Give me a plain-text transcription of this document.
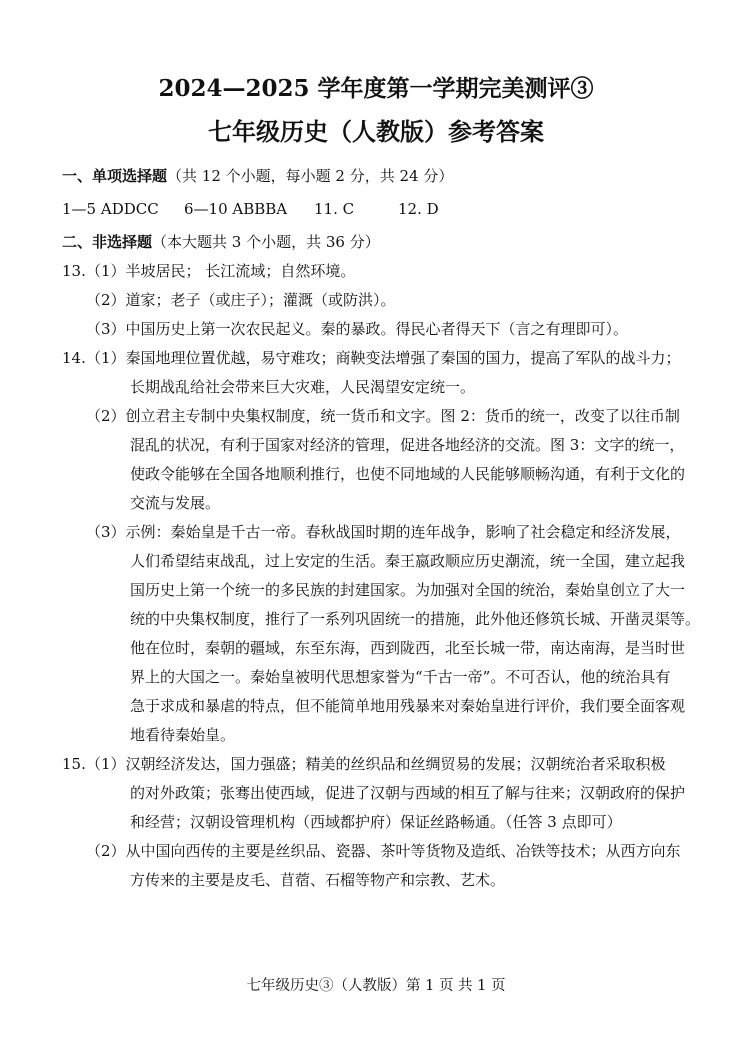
2024—2025 学年度第一学期完美测评③
七年级历史（人教版）参考答案
一、单项选择题（共 12 个小题，每小题 2 分，共 24 分）
1—5 ADDCC 6—10 ABBBA 11. C	12. D
二、非选择题（本大题共 3 个小题，共 36 分）
13. （1）半坡居民； 长江流域；自然环境。
（2）道家；老子（或庄子）；灌溉（或防洪）。
（3）中国历史上第一次农民起义。秦的暴政。得民心者得天下（言之有理即可）。
14. （1）秦国地理位置优越，易守难攻；商鞅变法增强了秦国的国力，提高了军队的战斗力；
长期战乱给社会带来巨大灾难，人民渴望安定统一。
（2）创立君主专制中央集权制度，统一货币和文字。图 2：货币的统一，改变了以往币制
混乱的状况，有利于国家对经济的管理，促进各地经济的交流。图 3：文字的统一，
使政令能够在全国各地顺利推行，也使不同地域的人民能够顺畅沟通，有利于文化的
交流与发展。
（3）示例：秦始皇是千古一帝。春秋战国时期的连年战争，影响了社会稳定和经济发展，
人们希望结束战乱，过上安定的生活。秦王嬴政顺应历史潮流，统一全国，建立起我
国历史上第一个统一的多民族的封建国家。为加强对全国的统治，秦始皇创立了大一
统的中央集权制度，推行了一系列巩固统一的措施，此外他还修筑长城、开凿灵渠等。
他在位时，秦朝的疆域，东至东海，西到陇西，北至长城一带，南达南海，是当时世
界上的大国之一。秦始皇被明代思想家誉为“千古一帝”。不可否认，他的统治具有
急于求成和暴虐的特点，但不能简单地用残暴来对秦始皇进行评价，我们要全面客观
地看待秦始皇。
15. （1）汉朝经济发达，国力强盛；精美的丝织品和丝绸贸易的发展；汉朝统治者采取积极
的对外政策；张骞出使西域，促进了汉朝与西域的相互了解与往来；汉朝政府的保护
和经营；汉朝设管理机构（西域都护府）保证丝路畅通。（任答 3 点即可）
（2）从中国向西传的主要是丝织品、瓷器、茶叶等货物及造纸、冶铁等技术；从西方向东
方传来的主要是皮毛、苜蓿、石榴等物产和宗教、艺术。
七年级历史③（人教版）第 1 页 共 1 页
